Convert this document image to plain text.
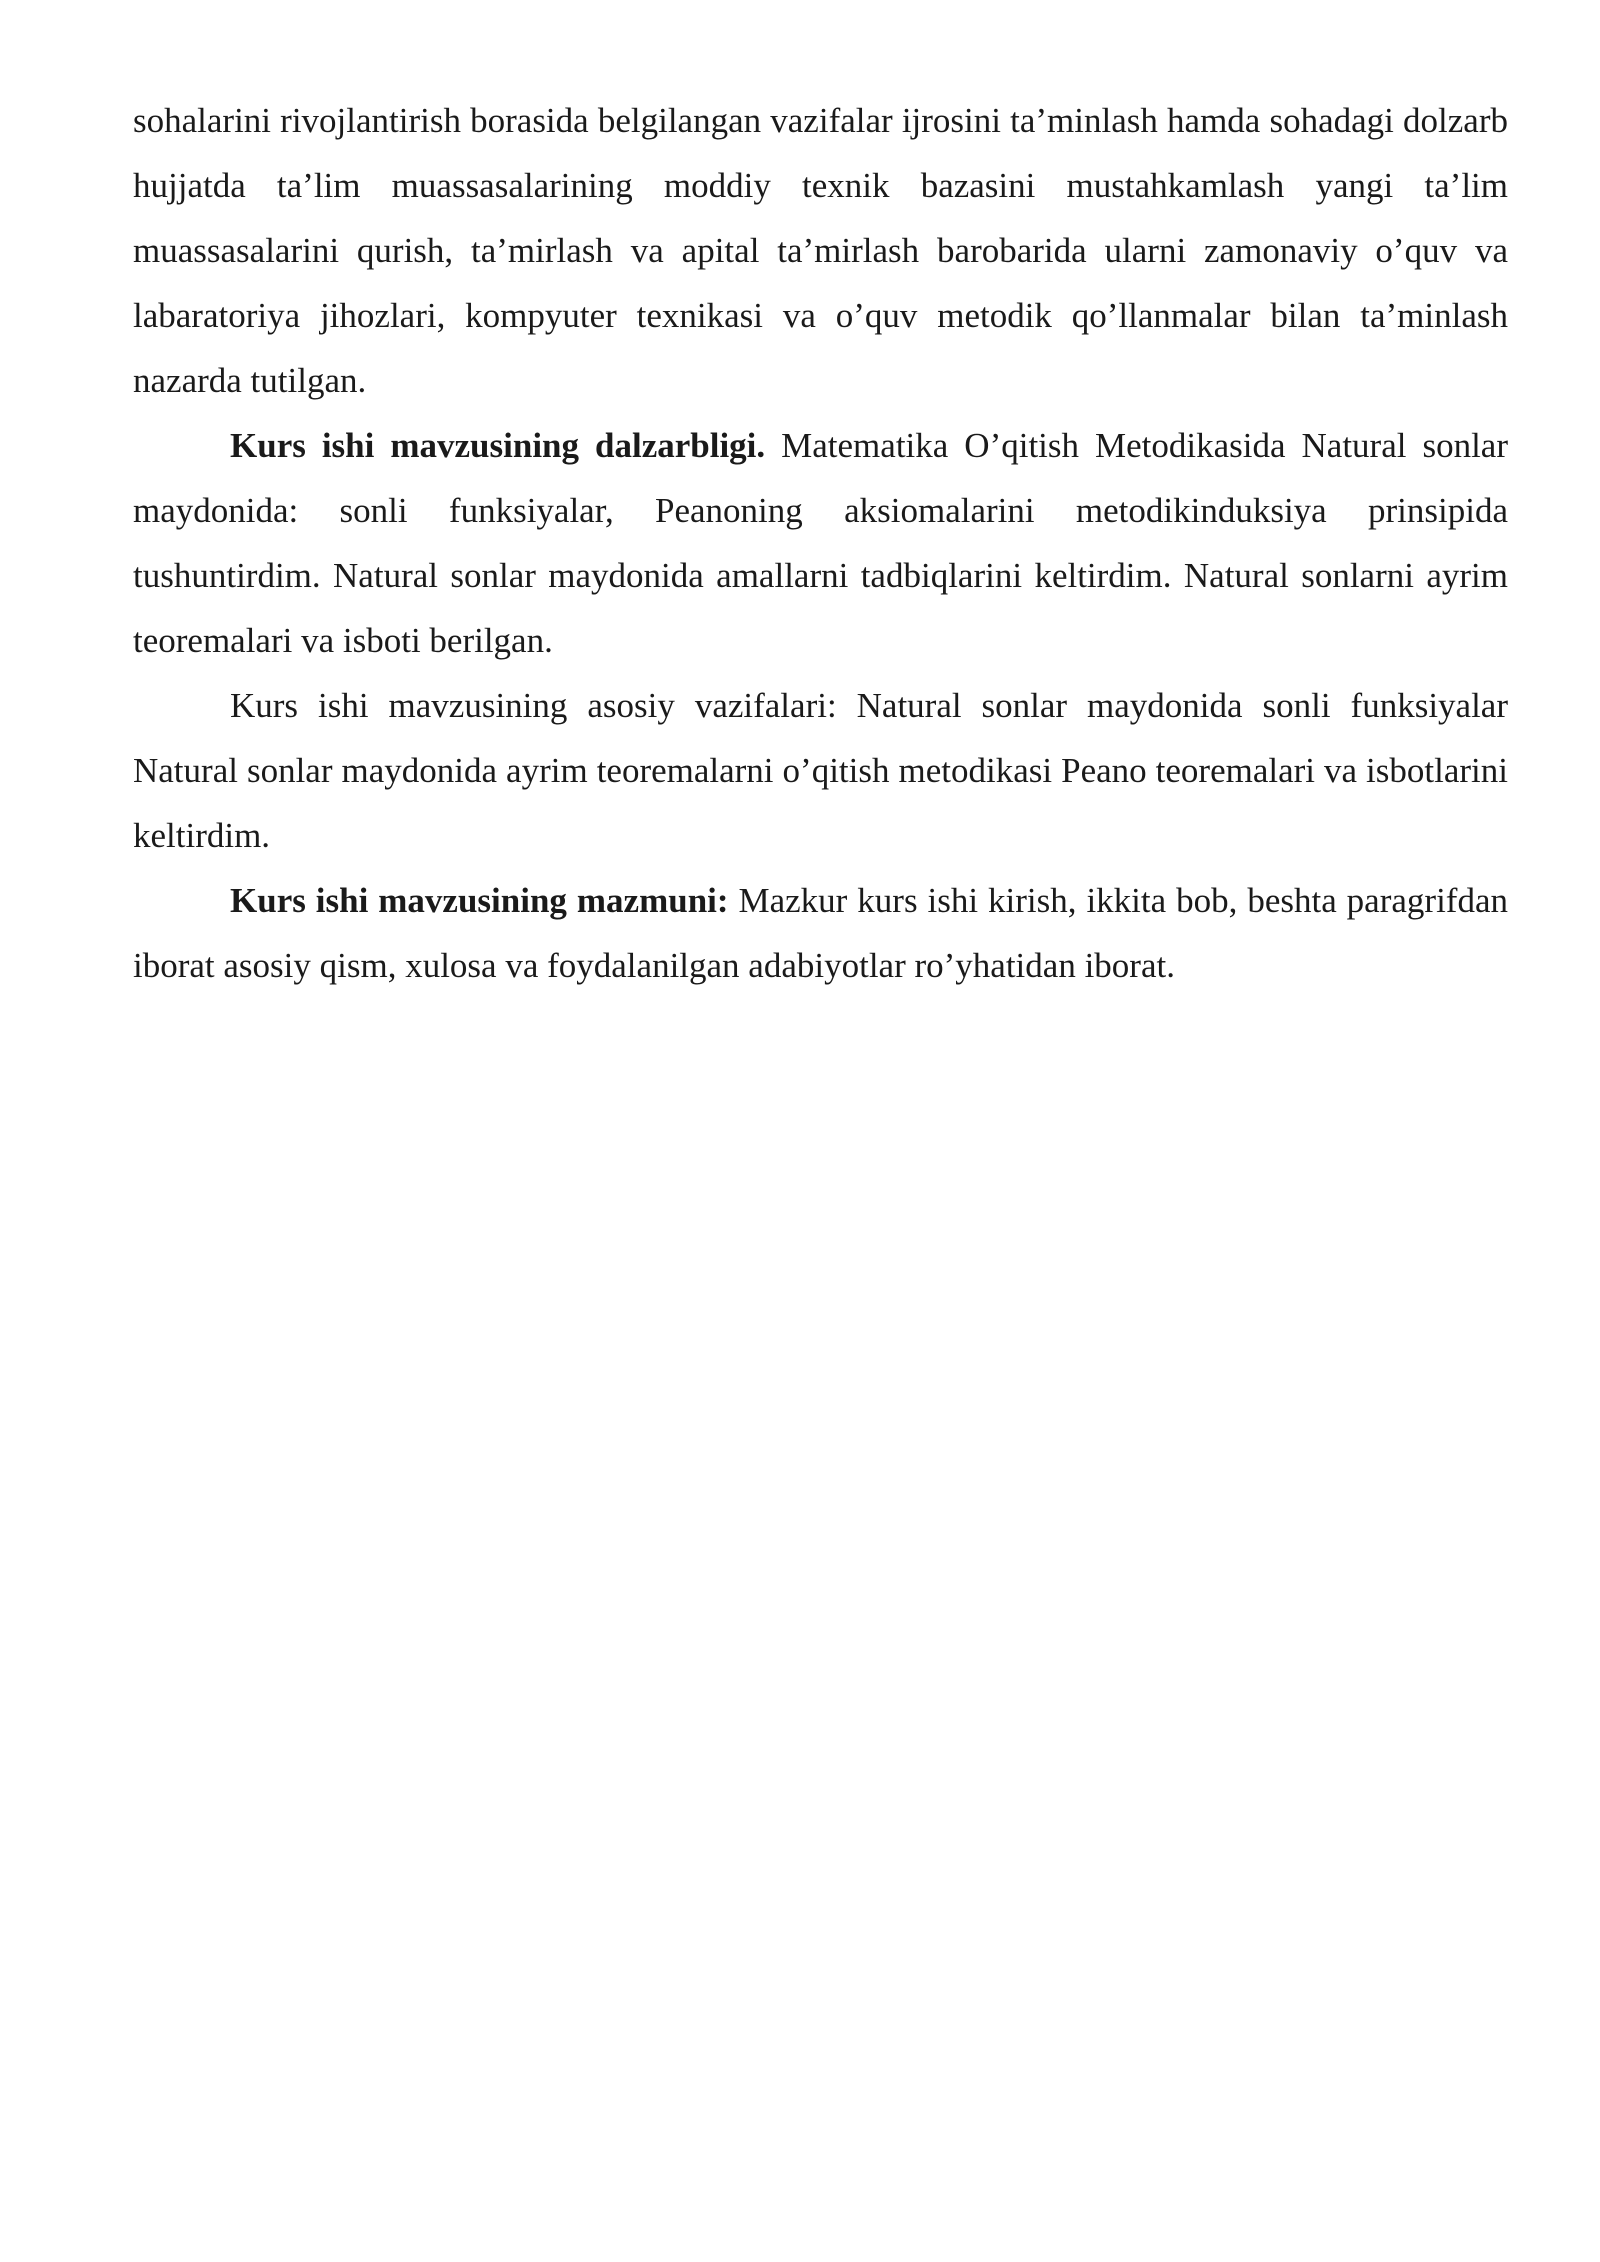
sohalarini rivojlantirish borasida belgilangan vazifalar ijrosini ta’minlash hamda sohadagi dolzarb hujjatda ta’lim muassasalarining moddiy texnik bazasini mustahkamlash yangi ta’lim muassasalarini qurish, ta’mirlash va apital ta’mirlash barobarida ularni zamonaviy o’quv va labaratoriya jihozlari, kompyuter texnikasi va o’quv metodik qo’llanmalar bilan ta’minlash nazarda tutilgan.

Kurs ishi mavzusining dalzarbligi. Matematika O’qitish Metodikasida Natural sonlar maydonida: sonli funksiyalar, Peanoning aksiomalarini metodikinduksiya prinsipida tushuntirdim. Natural sonlar maydonida amallarni tadbiqlarini keltirdim. Natural sonlarni ayrim teoremalari va isboti berilgan.

Kurs ishi mavzusining asosiy vazifalari: Natural sonlar maydonida sonli funksiyalar Natural sonlar maydonida ayrim teoremalarni o’qitish metodikasi Peano teoremalari va isbotlarini keltirdim.

Kurs ishi mavzusining mazmuni: Mazkur kurs ishi kirish, ikkita bob, beshta paragrifdan iborat asosiy qism, xulosa va foydalanilgan adabiyotlar ro’yhatidan iborat.
